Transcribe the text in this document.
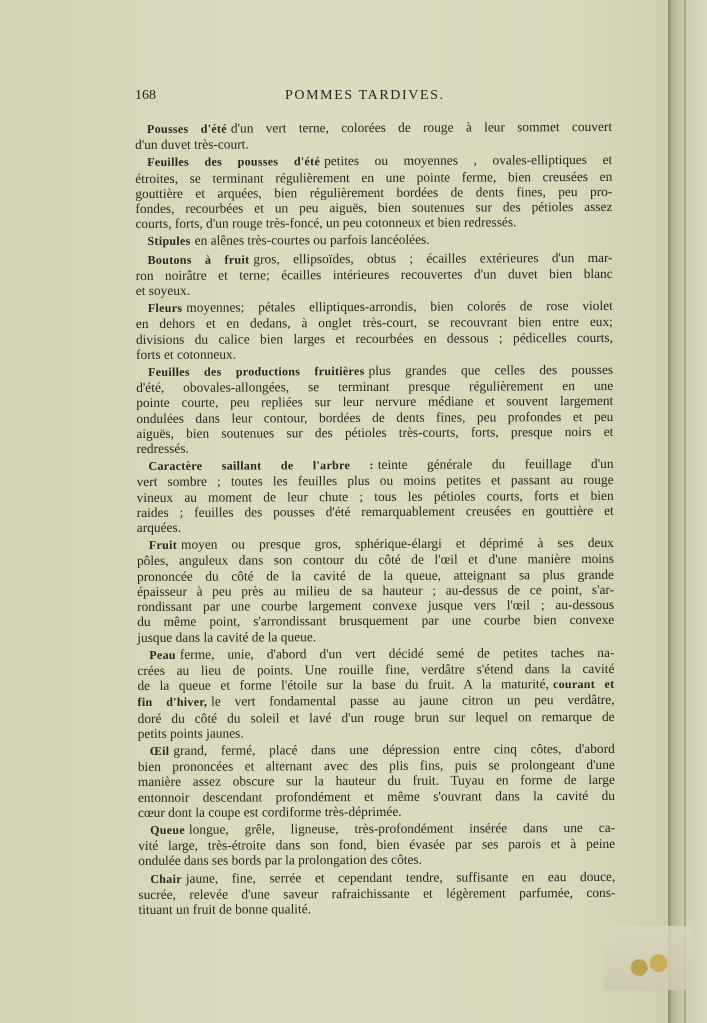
168	POMMES TARDIVES.
Pousses d'été d'un vert terne, colorées de rouge à leur sommet couvert
d'un duvet très-court.
Feuilles des pousses d'été petites ou moyennes , ovales-elliptiques et
étroites, se terminant régulièrement en une pointe ferme, bien creusées en
gouttière et arquées, bien régulièrement bordées de dents fines, peu pro-
fondes, recourbées et un peu aiguës, bien soutenues sur des pétioles assez
courts, forts, d'un rouge très-foncé, un peu cotonneux et bien redressés.
Stipules en alênes très-courtes ou parfois lancéolées.
Boutons à fruit gros, ellipsoïdes, obtus ; écailles extérieures d'un mar-
ron noirâtre et terne; écailles intérieures recouvertes d'un duvet bien blanc
et soyeux.
Fleurs moyennes; pétales elliptiques-arrondis, bien colorés de rose violet
en dehors et en dedans, à onglet très-court, se recouvrant bien entre eux;
divisions du calice bien larges et recourbées en dessous ; pédicelles courts,
forts et cotonneux.
Feuilles des productions fruitières plus grandes que celles des pousses
d'été, obovales-allongées, se terminant presque régulièrement en une
pointe courte, peu repliées sur leur nervure médiane et souvent largement
ondulées dans leur contour, bordées de dents fines, peu profondes et peu
aiguës, bien soutenues sur des pétioles très-courts, forts, presque noirs et
redressés.
Caractère saillant de l'arbre : teinte générale du feuillage d'un
vert sombre ; toutes les feuilles plus ou moins petites et passant au rouge
vineux au moment de leur chute ; tous les pétioles courts, forts et bien
raides ; feuilles des pousses d'été remarquablement creusées en gouttière et
arquées.
Fruit moyen ou presque gros, sphérique-élargi et déprimé à ses deux
pôles, anguleux dans son contour du côté de l'œil et d'une manière moins
prononcée du côté de la cavité de la queue, atteignant sa plus grande
épaisseur à peu près au milieu de sa hauteur ; au-dessus de ce point, s'ar-
rondissant par une courbe largement convexe jusque vers l'œil ; au-dessous
du même point, s'arrondissant brusquement par une courbe bien convexe
jusque dans la cavité de la queue.
Peau ferme, unie, d'abord d'un vert décidé semé de petites taches na-
crées au lieu de points. Une rouille fine, verdâtre s'étend dans la cavité
de la queue et forme l'étoile sur la base du fruit. A la maturité, courant et
fin d'hiver, le vert fondamental passe au jaune citron un peu verdâtre,
doré du côté du soleil et lavé d'un rouge brun sur lequel on remarque de
petits points jaunes.
Œil grand, fermé, placé dans une dépression entre cinq côtes, d'abord
bien prononcées et alternant avec des plis fins, puis se prolongeant d'une
manière assez obscure sur la hauteur du fruit. Tuyau en forme de large
entonnoir descendant profondément et même s'ouvrant dans la cavité du
cœur dont la coupe est cordiforme très-déprimée.
Queue longue, grêle, ligneuse, très-profondément insérée dans une ca-
vité large, très-étroite dans son fond, bien évasée par ses parois et à peine
ondulée dans ses bords par la prolongation des côtes.
Chair jaune, fine, serrée et cependant tendre, suffisante en eau douce,
sucrée, relevée d'une saveur rafraichissante et légèrement parfumée, cons-
tituant un fruit de bonne qualité.
